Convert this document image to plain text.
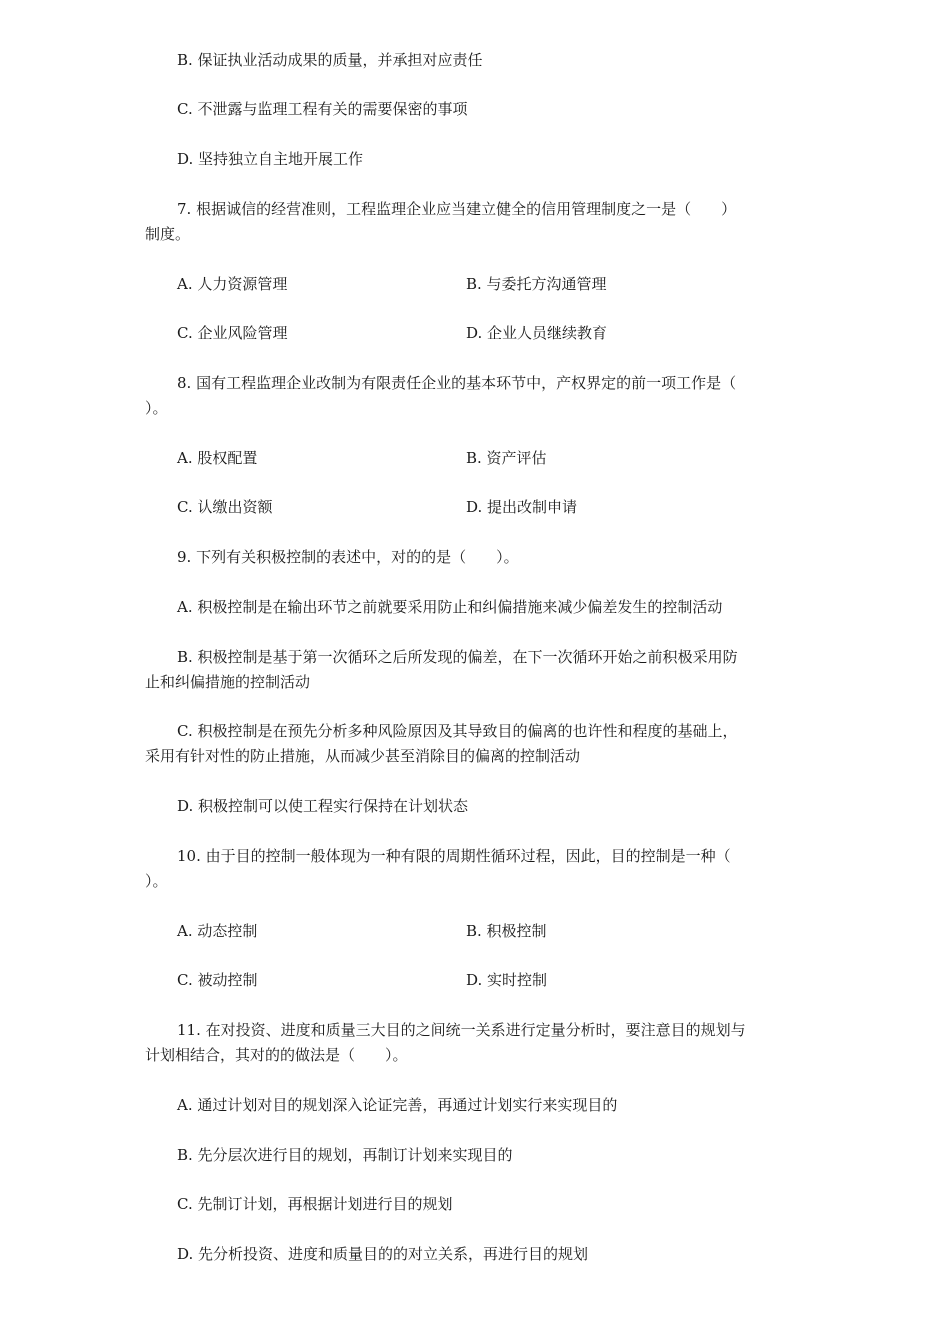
B. 保证执业活动成果的质量，并承担对应责任
C. 不泄露与监理工程有关的需要保密的事项
D. 坚持独立自主地开展工作
7. 根据诚信的经营准则，工程监理企业应当建立健全的信用管理制度之一是（　　）
制度。
A. 人力资源管理	B. 与委托方沟通管理
C. 企业风险管理	D. 企业人员继续教育
8. 国有工程监理企业改制为有限责任企业的基本环节中，产权界定的前一项工作是（
）。
A. 股权配置	B. 资产评估
C. 认缴出资额	D. 提出改制申请
9. 下列有关积极控制的表述中，对的的是（　　）。
A. 积极控制是在输出环节之前就要采用防止和纠偏措施来减少偏差发生的控制活动
B. 积极控制是基于第一次循环之后所发现的偏差，在下一次循环开始之前积极采用防
止和纠偏措施的控制活动
C. 积极控制是在预先分析多种风险原因及其导致目的偏离的也许性和程度的基础上，
采用有针对性的防止措施，从而减少甚至消除目的偏离的控制活动
D. 积极控制可以使工程实行保持在计划状态
10. 由于目的控制一般体现为一种有限的周期性循环过程，因此，目的控制是一种（
）。
A. 动态控制	B. 积极控制
C. 被动控制	D. 实时控制
11. 在对投资、进度和质量三大目的之间统一关系进行定量分析时，要注意目的规划与
计划相结合，其对的的做法是（　　）。
A. 通过计划对目的规划深入论证完善，再通过计划实行来实现目的
B. 先分层次进行目的规划，再制订计划来实现目的
C. 先制订计划，再根据计划进行目的规划
D. 先分析投资、进度和质量目的的对立关系，再进行目的规划
